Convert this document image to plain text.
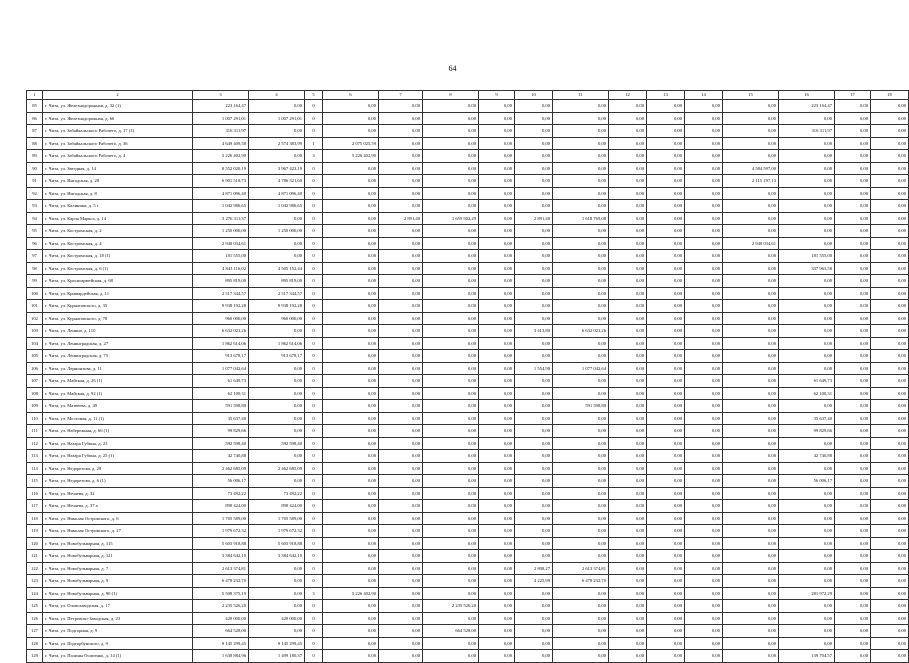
64
1	2	3	4	5	6	7	8	9	10	11	12	13	14	15	16	17	18
85	г. Чита, ул. Железнодорожная, д. 32 (1)	223 164,47	0,00	0	0,00	0,00	0,00	0,00	0,00	0,00	0,00	0,00	0,00	0,00	223 164,47	0,00	0,00
86	г. Чита, ул. Железнодорожная, д. 66	1 007 291,01	1 007 291,01	0	0,00	0,00	0,00	0,00	0,00	0,00	0,00	0,00	0,00	0,00	0,00	0,00	0,00
87	г. Чита, ул. Забайкальского Рабочего, д. 17 (1)	316 311,97	0,00	0	0,00	0,00	0,00	0,00	0,00	0,00	0,00	0,00	0,00	0,00	316 311,97	0,00	0,00
88	г. Чита, ул. Забайкальского Рабочего, д. 36	4 649 409,58	2 574 383,99	1	2 075 025,59	0,00	0,00	0,00	0,00	0,00	0,00	0,00	0,00	0,00	0,00	0,00	0,00
89	г. Чита, ул. Забайкальского Рабочего, д. 4	5 226 402,90	0,00	3	5 226 402,90	0,00	0,00	0,00	0,00	0,00	0,00	0,00	0,00	0,00	0,00	0,00	0,00
90	г. Чита, ул. Звездная, д. 14	8 552 020,19	3 967 423,19	0	0,00	0,00	0,00	0,00	0,00	0,00	0,00	0,00	0,00	4 584 597,00	0,00	0,00	0,00
91	г. Чита, ул. Ингодская, д. 28	6 901 518,73	4 786 321,60	0	0,00	0,00	0,00	0,00	0,00	0,00	0,00	0,00	0,00	2 115 197,13	0,00	0,00	0,00
92	г. Чита, ул. Ингодская, д. 8	4 871 096,40	4 871 096,40	0	0,00	0,00	0,00	0,00	0,00	0,00	0,00	0,00	0,00	0,00	0,00	0,00	0,00
93	г. Чита, ул. Калинина, д. 5 г	1 042 986,65	1 042 986,65	0	0,00	0,00	0,00	0,00	0,00	0,00	0,00	0,00	0,00	0,00	0,00	0,00	0,00
94	г. Чита, ул. Карла Маркса, д. 14	3 276 311,37	0,00	0	0,00	2 891,40	1 655 502,29	0,00	2 891,40	1 618 769,08	0,00	0,00	0,00	0,00	0,00	0,00	0,00
95	г. Чита, ул. Костромская, д. 2	1 250 000,00	1 250 000,00	0	0,00	0,00	0,00	0,00	0,00	0,00	0,00	0,00	0,00	0,00	0,00	0,00	0,00
96	г. Чита, ул. Костромская, д. 4	2 940 034,61	0,00	0	0,00	0,00	0,00	0,00	0,00	0,00	0,00	0,00	0,00	2 940 034,61	0,00	0,00	0,00
97	г. Чита, ул. Костромская, д. 18 (1)	181 555,00	0,00	0	0,00	0,00	0,00	0,00	0,00	0,00	0,00	0,00	0,00	0,00	181 555,00	0,00	0,00
98	г. Чита, ул. Костромская, д. 6 (1)	4 843 116,02	4 505 152,44	0	0,00	0,00	0,00	0,00	0,00	0,00	0,00	0,00	0,00	0,00	337 963,58	0,00	0,00
99	г. Чита, ул. Красноармейская, д. 68	895 819,00	895 819,00	0	0,00	0,00	0,00	0,00	0,00	0,00	0,00	0,00	0,00	0,00	0,00	0,00	0,00
100	г. Чита, ул. Кршвардейская, д. 11	2 517 344,57	2 517 344,57	0	0,00	0,00	0,00	0,00	0,00	0,00	0,00	0,00	0,00	0,00	0,00	0,00	0,00
101	г. Чита, ул. Курнатовского, д. 35	9 938 192,28	9 938 192,28	0	0,00	0,00	0,00	0,00	0,00	0,00	0,00	0,00	0,00	0,00	0,00	0,00	0,00
102	г. Чита, ул. Курнатовского, д. 78	960 000,00	960 000,00	0	0,00	0,00	0,00	0,00	0,00	0,00	0,00	0,00	0,00	0,00	0,00	0,00	0,00
103	г. Чита, ул. Ленина, д. 110	6 632 021,26	0,00	0	0,00	0,00	0,00	0,00	3 413,80	6 632 021,26	0,00	0,00	0,00	0,00	0,00	0,00	0,00
104	г. Чита, ул. Ленинградская, д. 27	1 862 614,06	1 862 614,06	0	0,00	0,00	0,00	0,00	0,00	0,00	0,00	0,00	0,00	0,00	0,00	0,00	0,00
105	г. Чита, ул. Ленинградская, д. 75	913 678,17	913 678,17	0	0,00	0,00	0,00	0,00	0,00	0,00	0,00	0,00	0,00	0,00	0,00	0,00	0,00
106	г. Чита, ул. Лермонтова, д. 11	1 077 042,64	0,00	0	0,00	0,00	0,00	0,00	1 554,90	1 077 042,64	0,00	0,00	0,00	0,00	0,00	0,00	0,00
107	г. Чита, ул. Майская, д. 26 (1)	61 649,73	0,00	0	0,00	0,00	0,00	0,00	0,00	0,00	0,00	0,00	0,00	0,00	61 649,73	0,00	0,00
108	г. Чита, ул. Майская, д. 92 (1)	62 100,31	0,00	0	0,00	0,00	0,00	0,00	0,00	0,00	0,00	0,00	0,00	0,00	62 100,31	0,00	0,00
109	г. Чита, ул. Матвеева, д. 49	591 598,80	0,00	0	0,00	0,00	0,00	0,00	0,00	591 598,80	0,00	0,00	0,00	0,00	0,00	0,00	0,00
110	г. Чита, ул. Мостовая, д. 11 (1)	35 637,40	0,00	0	0,00	0,00	0,00	0,00	0,00	0,00	0,00	0,00	0,00	0,00	35 637,40	0,00	0,00
111	г. Чита, ул. Набережная, д. 66 (1)	99 829,66	0,00	0	0,00	0,00	0,00	0,00	0,00	0,00	0,00	0,00	0,00	0,00	99 829,66	0,00	0,00
112	г. Чита, ул. Назара Губина, д. 23	592 598,40	592 598,40	0	0,00	0,00	0,00	0,00	0,00	0,00	0,00	0,00	0,00	0,00	0,00	0,00	0,00
113	г. Чита, ул. Назара Губина, д. 25 (1)	42 740,88	0,00	0	0,00	0,00	0,00	0,00	0,00	0,00	0,00	0,00	0,00	0,00	42 740,88	0,00	0,00
114	г. Чита, ул. Недорезова, д. 28	2 462 685,09	2 462 685,09	0	0,00	0,00	0,00	0,00	0,00	0,00	0,00	0,00	0,00	0,00	0,00	0,00	0,00
115	г. Чита, ул. Недорезова, д. 6 (1)	56 006,17	0,00	0	0,00	0,00	0,00	0,00	0,00	0,00	0,00	0,00	0,00	0,00	56 006,17	0,00	0,00
116	г. Чита, ул. Нечаева, д. 32	73 492,22	73 492,22	0	0,00	0,00	0,00	0,00	0,00	0,00	0,00	0,00	0,00	0,00	0,00	0,00	0,00
117	г. Чита, ул. Нечаева, д. 37 а	898 424,00	898 424,00	0	0,00	0,00	0,00	0,00	0,00	0,00	0,00	0,00	0,00	0,00	0,00	0,00	0,00
118	г. Чита, ул. Николая Островского, д. 6	1 705 589,00	1 705 589,00	0	0,00	0,00	0,00	0,00	0,00	0,00	0,00	0,00	0,00	0,00	0,00	0,00	0,00
119	г. Чита, ул. Николая Островского, д. 27	1 979 672,32	1 979 672,32	0	0,00	0,00	0,00	0,00	0,00	0,00	0,00	0,00	0,00	0,00	0,00	0,00	0,00
120	г. Чита, ул. Новобульварная, д. 115	5 603 918,88	5 603 918,88	0	0,00	0,00	0,00	0,00	0,00	0,00	0,00	0,00	0,00	0,00	0,00	0,00	0,00
121	г. Чита, ул. Новобульварная, д. 121	3 384 642,10	3 384 642,10	0	0,00	0,00	0,00	0,00	0,00	0,00	0,00	0,00	0,00	0,00	0,00	0,00	0,00
122	г. Чита, ул. Новобульварная, д. 7	2 613 374,81	0,00	0	0,00	0,00	0,00	0,00	2 808,27	2 613 374,81	0,00	0,00	0,00	0,00	0,00	0,00	0,00
123	г. Чита, ул. Новобульварная, д. 9	6 478 232,70	0,00	0	0,00	0,00	0,00	0,00	4 225,99	6 478 232,70	0,00	0,00	0,00	0,00	0,00	0,00	0,00
124	г. Чита, ул. Новобульварная, д. 90 (1)	5 508 375,19	0,00	3	5 226 402,90	0,00	0,00	0,00	0,00	0,00	0,00	0,00	0,00	0,00	281 972,29	0,00	0,00
125	г. Чита, ул. Оловозаводская, д. 17	2 235 526,20	0,00	0	0,00	0,00	2 235 526,20	0,00	0,00	0,00	0,00	0,00	0,00	0,00	0,00	0,00	0,00
126	г. Чита, ул. Петровско-Заводская, д. 23	420 000,00	420 000,00	0	0,00	0,00	0,00	0,00	0,00	0,00	0,00	0,00	0,00	0,00	0,00	0,00	0,00
127	г. Чита, ул. Подгорная, д. 9	664 528,00	0,00	0	0,00	0,00	664 528,00	0,00	0,00	0,00	0,00	0,00	0,00	0,00	0,00	0,00	0,00
128	г. Чита, ул. Подгорбунского, д. 9	9 145 299,45	9 145 299,45	0	0,00	0,00	0,00	0,00	0,00	0,00	0,00	0,00	0,00	0,00	0,00	0,00	0,00
129	г. Чита, ул. Полины Осипенко, д. 14 (1)	1 638 884,96	1 499 180,37	0	0,00	0,00	0,00	0,00	0,00	0,00	0,00	0,00	0,00	0,00	139 704,57	0,00	0,00
